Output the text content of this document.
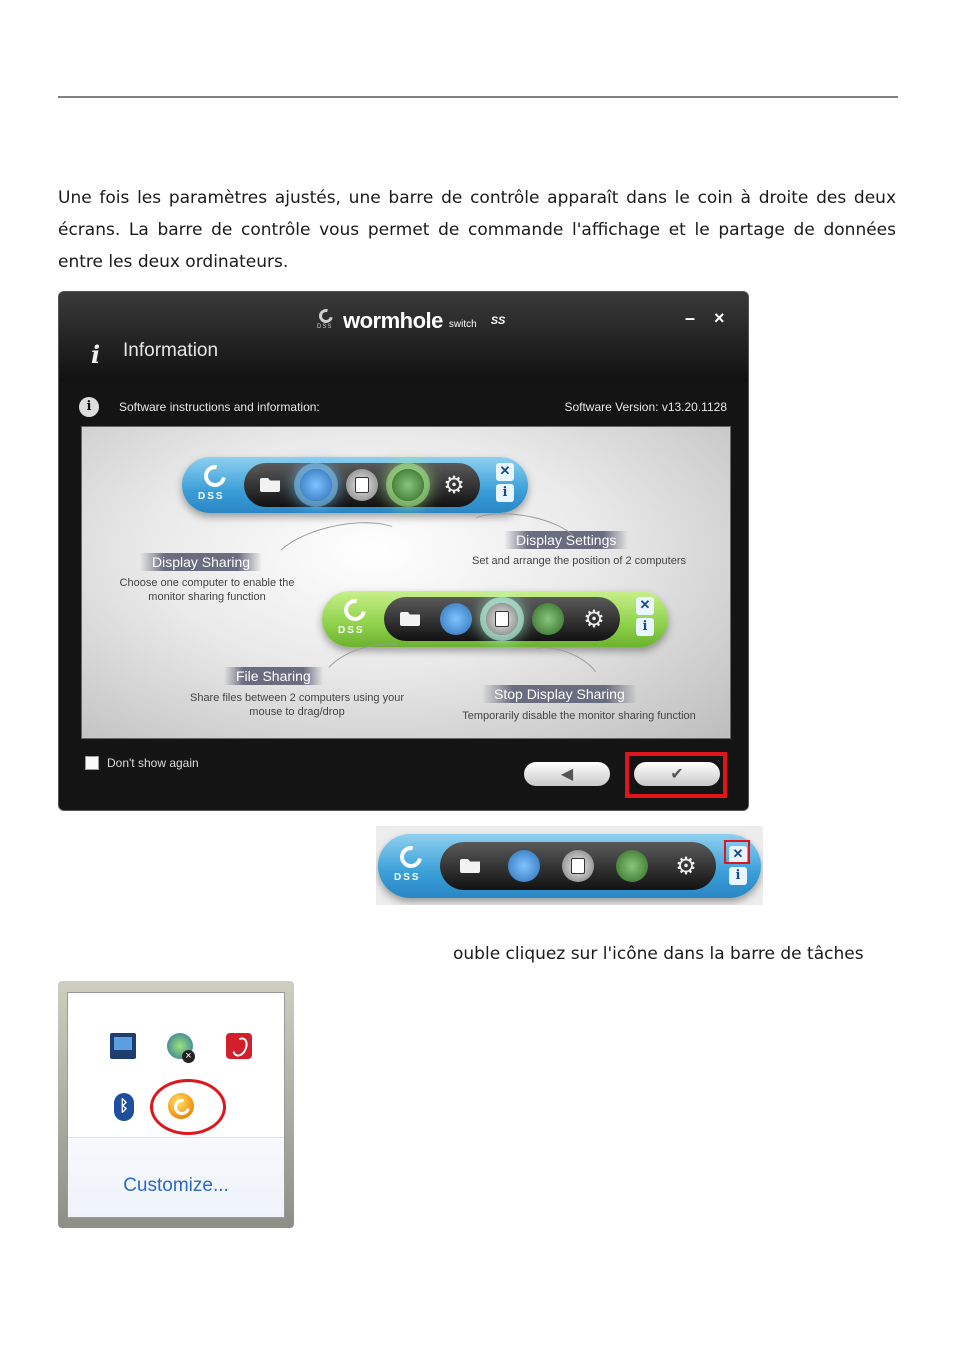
Une fois les paramètres ajustés, une barre de contrôle apparaît dans le coin à droite des deux écrans. La barre de contrôle vous permet de commande l'affichage et le partage de données entre les deux ordinateurs.
DSS wormhole switch SS	– ×
i Information
i	Software instructions and information:	Software Version: v13.20.1128
DSS	⚙	✕
i
Display Sharing
Choose one computer to enable the
monitor sharing function
Display Settings
Set and arrange the position of 2 computers
DSS	⚙	✕
i
File Sharing
Share files between 2 computers using your
mouse to drag/drop
Stop Display Sharing
Temporarily disable the monitor sharing function
Don't show again
◀	✔
DSS	⚙	✕
i
ouble cliquez sur l'icône dans la barre de tâches
×
ᛒ
Customize...
